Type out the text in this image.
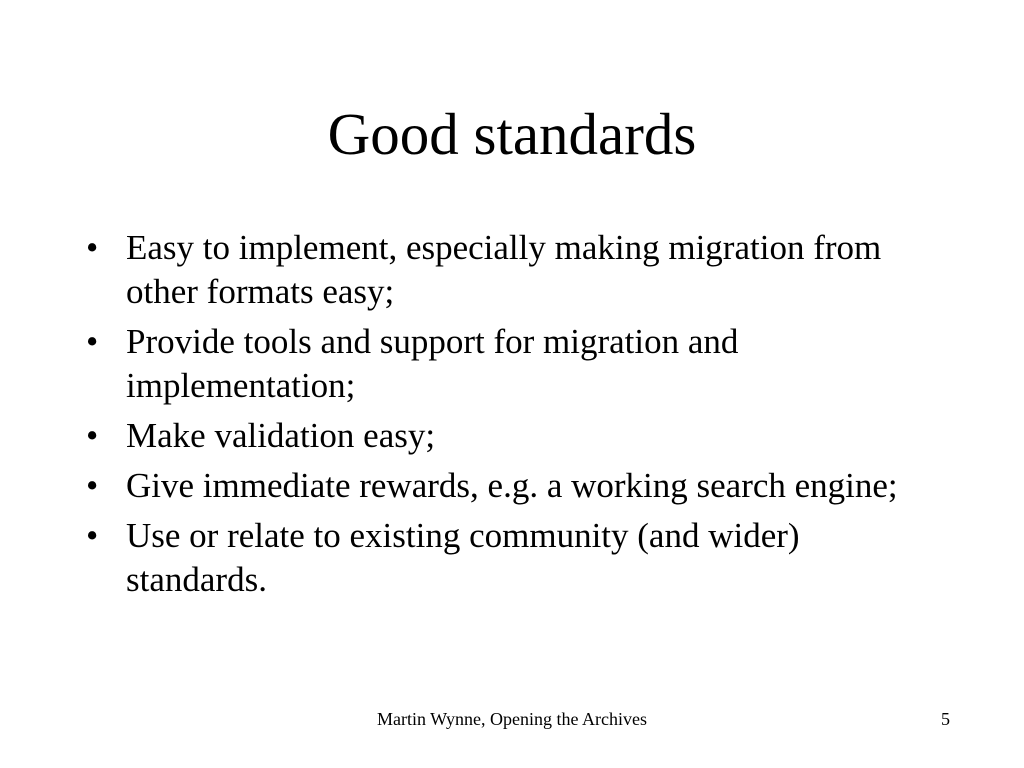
Good standards
• Easy to implement, especially making migration from other formats easy;
• Provide tools and support for migration and implementation;
• Make validation easy;
• Give immediate rewards, e.g. a working search engine;
• Use or relate to existing community (and wider) standards.
Martin Wynne, Opening the Archives	5
